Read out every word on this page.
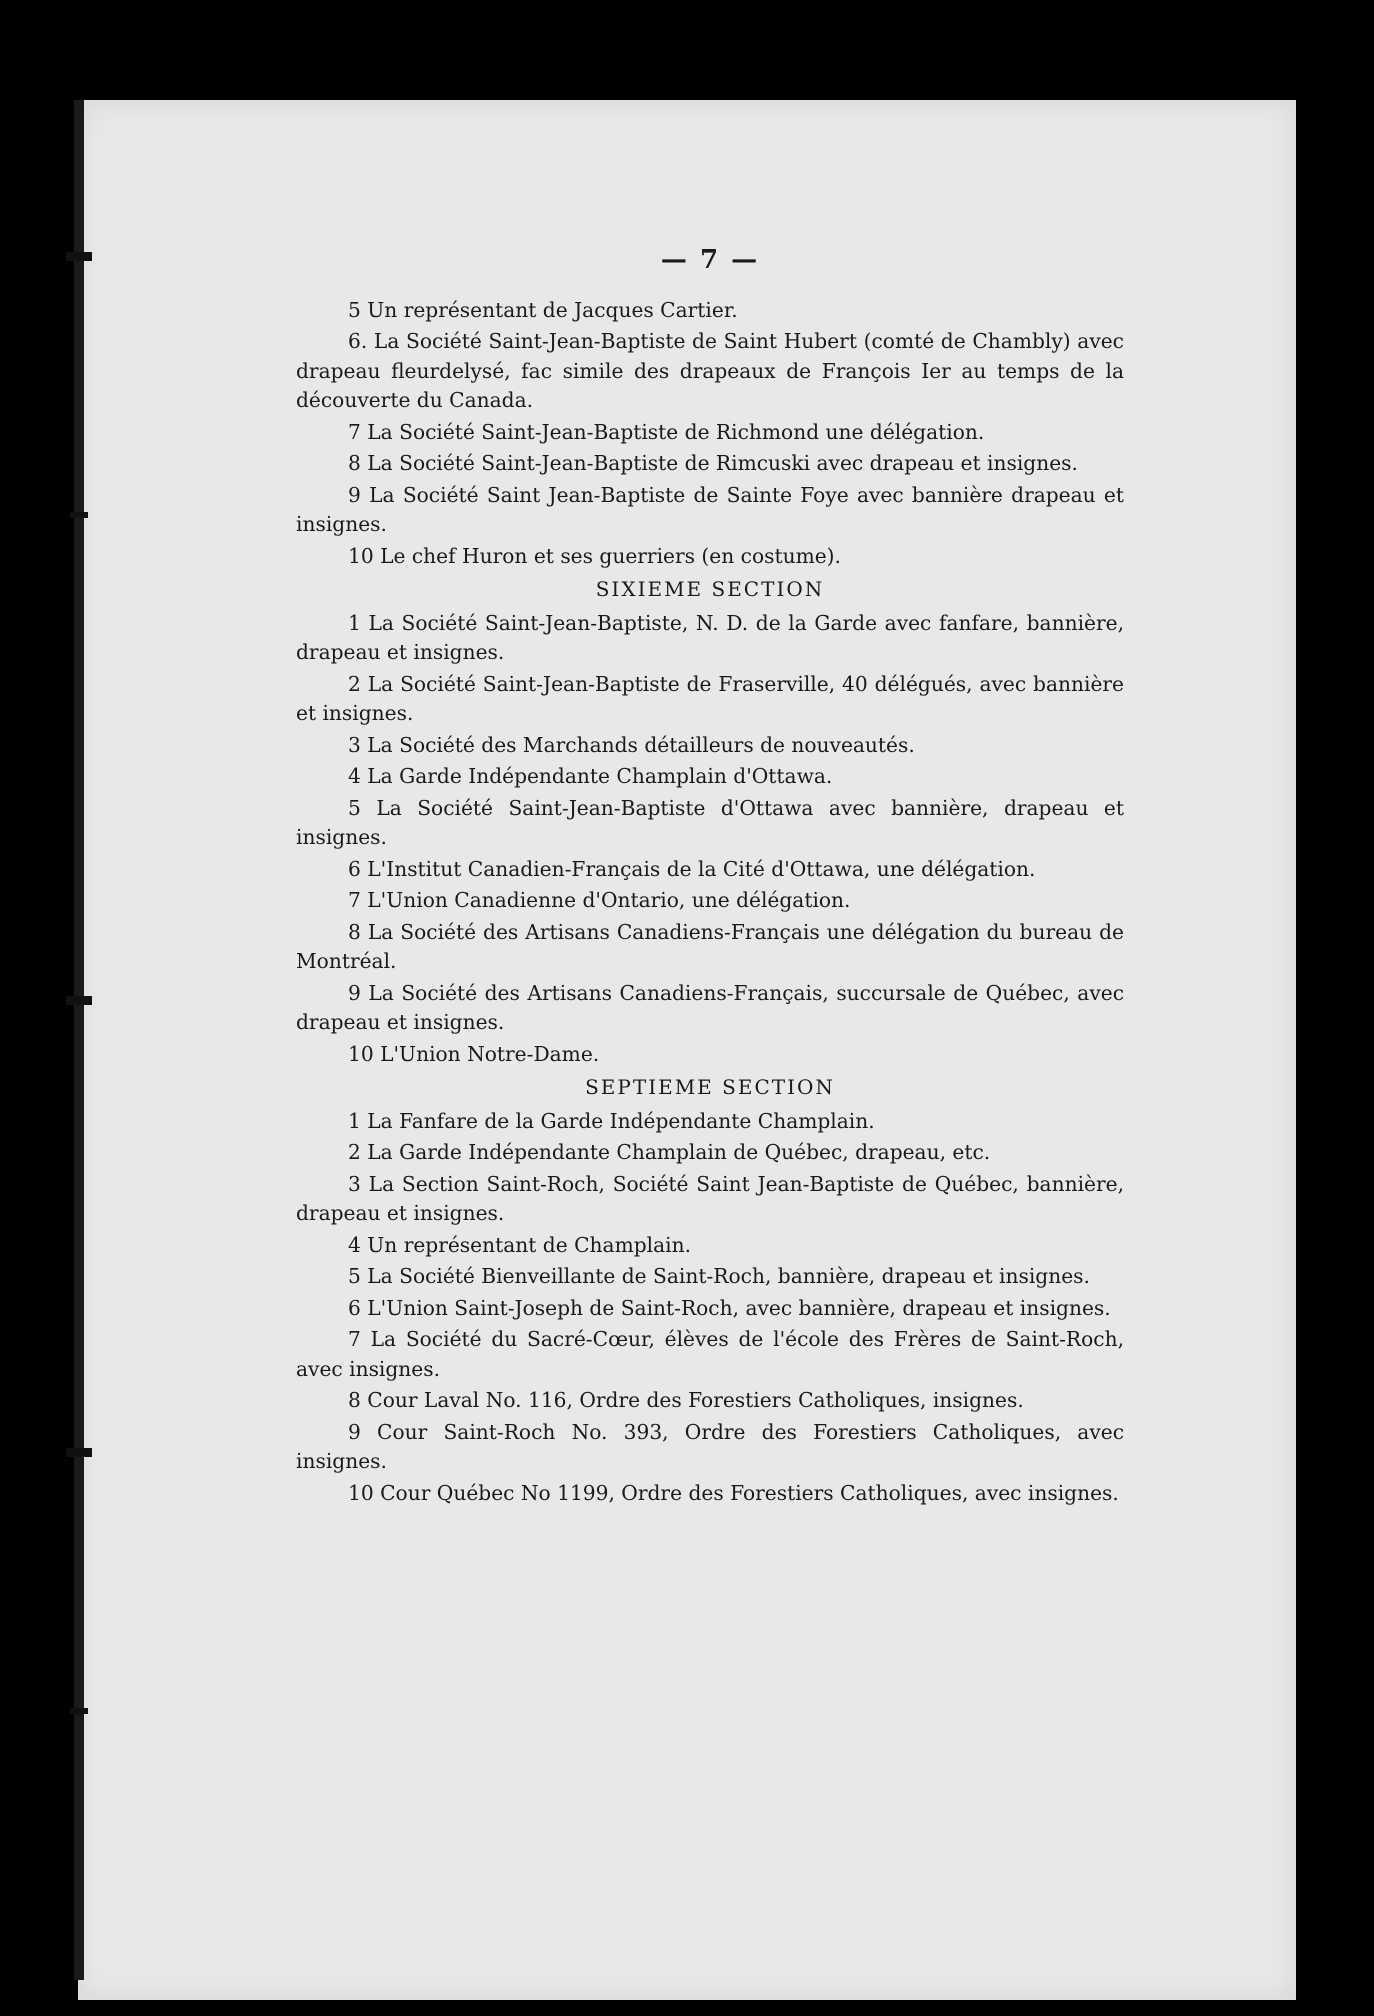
— 7 —

5 Un représentant de Jacques Cartier.

6. La Société Saint-Jean-Baptiste de Saint Hubert (comté de Chambly) avec drapeau fleurdelysé, fac simile des drapeaux de François Ier au temps de la découverte du Canada.

7 La Société Saint-Jean-Baptiste de Richmond une délégation.

8 La Société Saint-Jean-Baptiste de Rimcuski avec drapeau et insignes.

9 La Société Saint Jean-Baptiste de Sainte Foye avec bannière drapeau et insignes.

10 Le chef Huron et ses guerriers (en costume).

SIXIEME SECTION

1 La Société Saint-Jean-Baptiste, N. D. de la Garde avec fanfare, bannière, drapeau et insignes.

2 La Société Saint-Jean-Baptiste de Fraserville, 40 délégués, avec bannière et insignes.

3 La Société des Marchands détailleurs de nouveautés.

4 La Garde Indépendante Champlain d'Ottawa.

5 La Société Saint-Jean-Baptiste d'Ottawa avec bannière, drapeau et insignes.

6 L'Institut Canadien-Français de la Cité d'Ottawa, une délégation.

7 L'Union Canadienne d'Ontario, une délégation.

8 La Société des Artisans Canadiens-Français une délégation du bureau de Montréal.

9 La Société des Artisans Canadiens-Français, succursale de Québec, avec drapeau et insignes.

10 L'Union Notre-Dame.

SEPTIEME SECTION

1 La Fanfare de la Garde Indépendante Champlain.

2 La Garde Indépendante Champlain de Québec, drapeau, etc.

3 La Section Saint-Roch, Société Saint Jean-Baptiste de Québec, bannière, drapeau et insignes.

4 Un représentant de Champlain.

5 La Société Bienveillante de Saint-Roch, bannière, drapeau et insignes.

6 L'Union Saint-Joseph de Saint-Roch, avec bannière, drapeau et insignes.

7 La Société du Sacré-Cœur, élèves de l'école des Frères de Saint-Roch, avec insignes.

8 Cour Laval No. 116, Ordre des Forestiers Catholiques, insignes.

9 Cour Saint-Roch No. 393, Ordre des Forestiers Catholiques, avec insignes.

10 Cour Québec No 1199, Ordre des Forestiers Catholiques, avec insignes.
